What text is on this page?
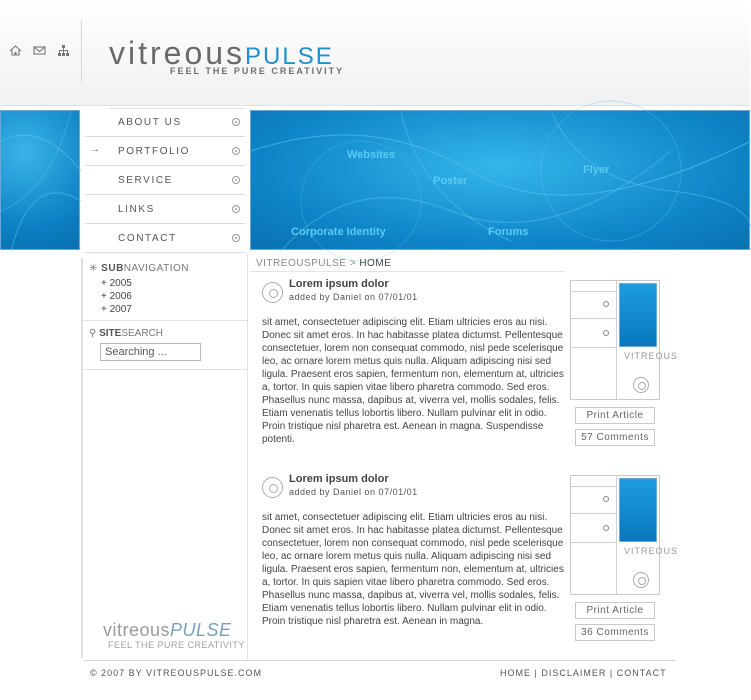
vitreousPULSE
FEEL THE PURE CREATIVITY
Websites
Poster
Flyer
Corporate Identity	Forums
ABOUT US
→ PORTFOLIO
SERVICE
LINKS
CONTACT
✳ SUBNAVIGATION
+ 2005
+ 2006
+ 2007
⚲ SITESEARCH
Searching ...
vitreousPULSE
FEEL THE PURE CREATIVITY
VITREOUSPULSE > HOME
Lorem ipsum dolor
added by Daniel on 07/01/01
sit amet, consectetuer adipiscing elit. Etiam ultricies eros au nisi. Donec sit amet eros. In hac habitasse platea dictumst. Pellentesque consectetuer, lorem non consequat commodo, nisl pede scelerisque leo, ac ornare lorem metus quis nulla. Aliquam adipiscing nisi sed ligula. Praesent eros sapien, fermentum non, elementum at, ultricies a, tortor. In quis sapien vitae libero pharetra commodo. Sed eros. Phasellus nunc massa, dapibus at, viverra vel, mollis sodales, felis. Etiam venenatis tellus lobortis libero. Nullam pulvinar elit in odio. Proin tristique nisl pharetra est. Aenean in magna. Suspendisse potenti.
VITREOUS
Print Article
57 Comments
Lorem ipsum dolor
added by Daniel on 07/01/01
sit amet, consectetuer adipiscing elit. Etiam ultricies eros au nisi. Donec sit amet eros. In hac habitasse platea dictumst. Pellentesque consectetuer, lorem non consequat commodo, nisl pede scelerisque leo, ac ornare lorem metus quis nulla. Aliquam adipiscing nisi sed ligula. Praesent eros sapien, fermentum non, elementum at, ultricies a, tortor. In quis sapien vitae libero pharetra commodo. Sed eros. Phasellus nunc massa, dapibus at, viverra vel, mollis sodales, felis. Etiam venenatis tellus lobortis libero. Nullam pulvinar elit in odio. Proin tristique nisl pharetra est. Aenean in magna.
VITREOUS
Print Article
36 Comments
© 2007 BY VITREOUSPULSE.COM	HOME | DISCLAIMER | CONTACT
